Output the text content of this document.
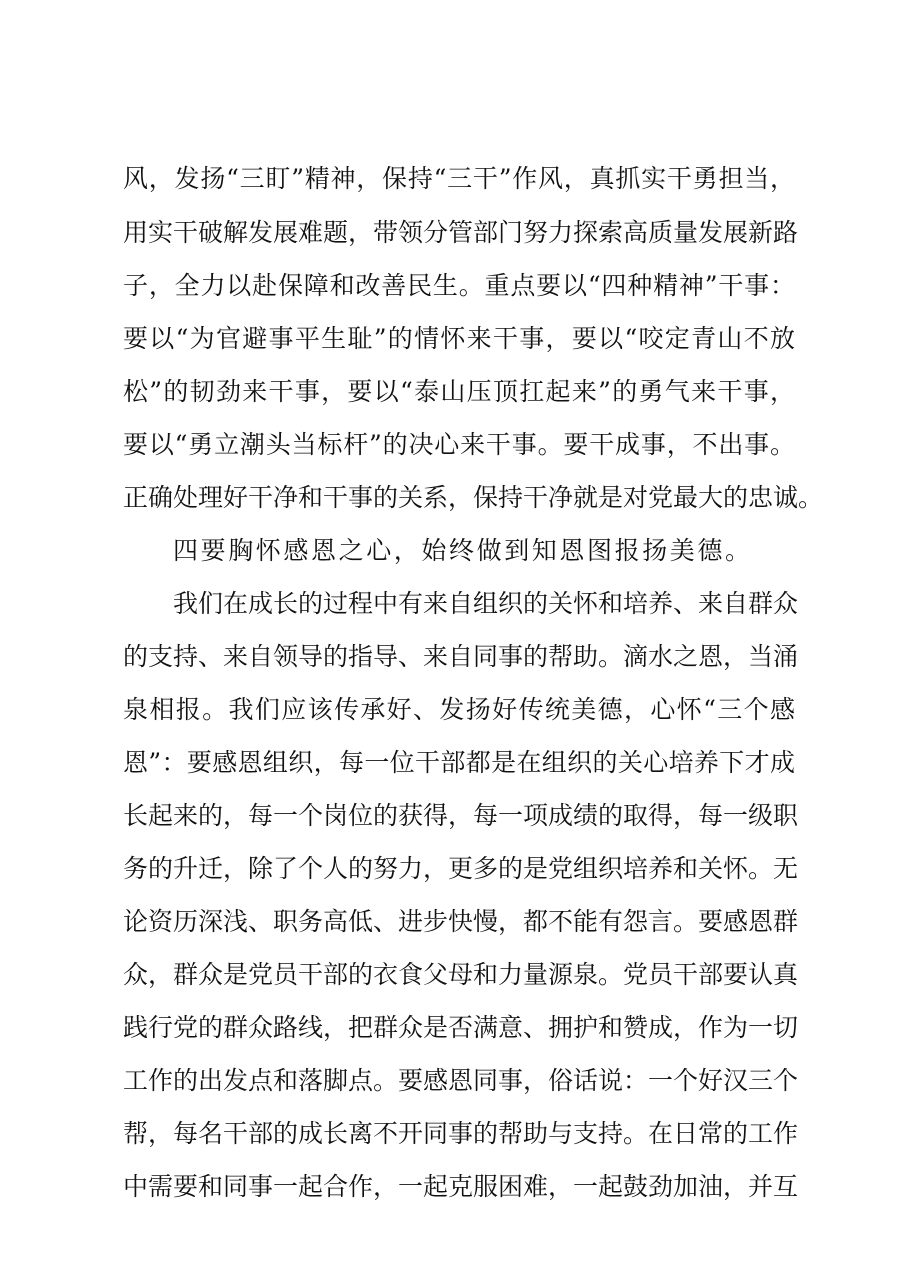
风，发扬“三盯”精神，保持“三干”作风，真抓实干勇担当，
用实干破解发展难题，带领分管部门努力探索高质量发展新路
子，全力以赴保障和改善民生。重点要以“四种精神”干事：
要以“为官避事平生耻”的情怀来干事，要以“咬定青山不放
松”的韧劲来干事，要以“泰山压顶扛起来”的勇气来干事，
要以“勇立潮头当标杆”的决心来干事。要干成事，不出事。
正确处理好干净和干事的关系，保持干净就是对党最大的忠诚。
四要胸怀感恩之心，始终做到知恩图报扬美德。
我们在成长的过程中有来自组织的关怀和培养、来自群众
的支持、来自领导的指导、来自同事的帮助。滴水之恩，当涌
泉相报。我们应该传承好、发扬好传统美德，心怀“三个感
恩”：要感恩组织，每一位干部都是在组织的关心培养下才成
长起来的，每一个岗位的获得，每一项成绩的取得，每一级职
务的升迁，除了个人的努力，更多的是党组织培养和关怀。无
论资历深浅、职务高低、进步快慢，都不能有怨言。要感恩群
众，群众是党员干部的衣食父母和力量源泉。党员干部要认真
践行党的群众路线，把群众是否满意、拥护和赞成，作为一切
工作的出发点和落脚点。要感恩同事，俗话说：一个好汉三个
帮，每名干部的成长离不开同事的帮助与支持。在日常的工作
中需要和同事一起合作，一起克服困难，一起鼓劲加油，并互
